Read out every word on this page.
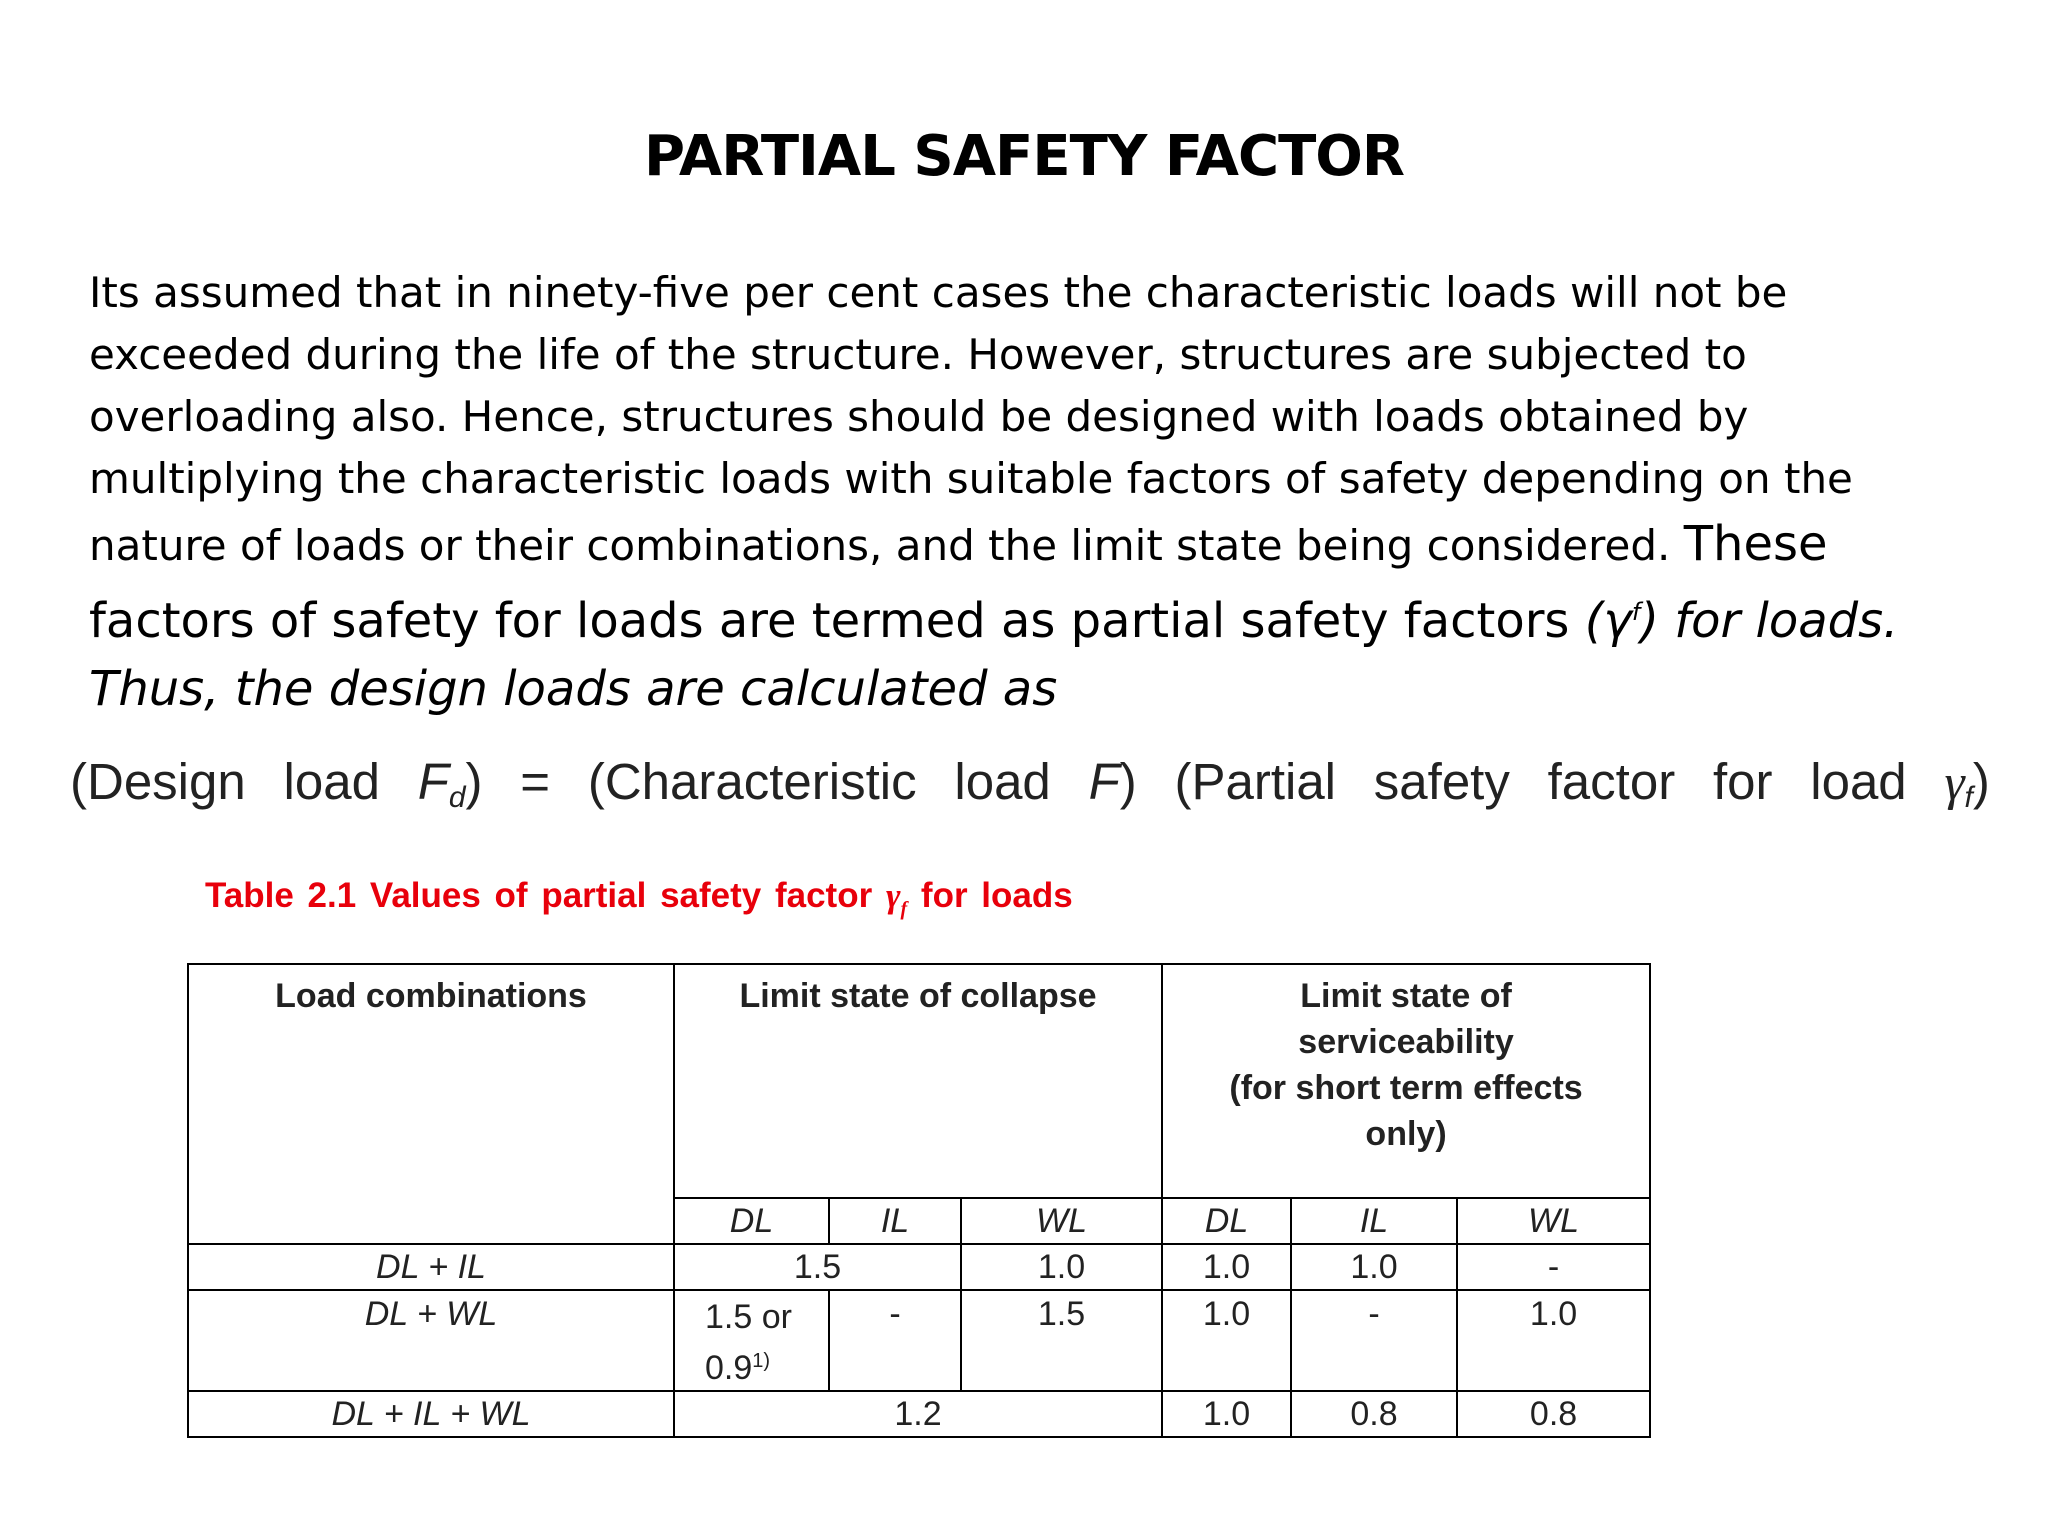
PARTIAL SAFETY FACTOR
Its assumed that in ninety-five per cent cases the characteristic loads will not be
exceeded during the life of the structure. However, structures are subjected to
overloading also. Hence, structures should be designed with loads obtained by
multiplying the characteristic loads with suitable factors of safety depending on the
nature of loads or their combinations, and the limit state being considered. These
factors of safety for loads are termed as partial safety factors $(\gamma^f)$ for loads.
Thus, the design loads are calculated as
(Design load $F_d$) = (Characteristic load F) (Partial safety factor for load $\gamma_f$)
Table 2.1 Values of partial safety factor $\gamma_f$ for loads
Load combinations	Limit state of collapse			Limit state of
serviceability
(for short term effects
only)		

	DL	IL	WL	DL	IL	WL
DL + IL	1.5		1.0	1.0	1.0	-
DL + WL	1.5 or
0.9$^{1)}$	-	1.5	1.0	-	1.0
DL + IL + WL	1.2			1.0	0.8	0.8
